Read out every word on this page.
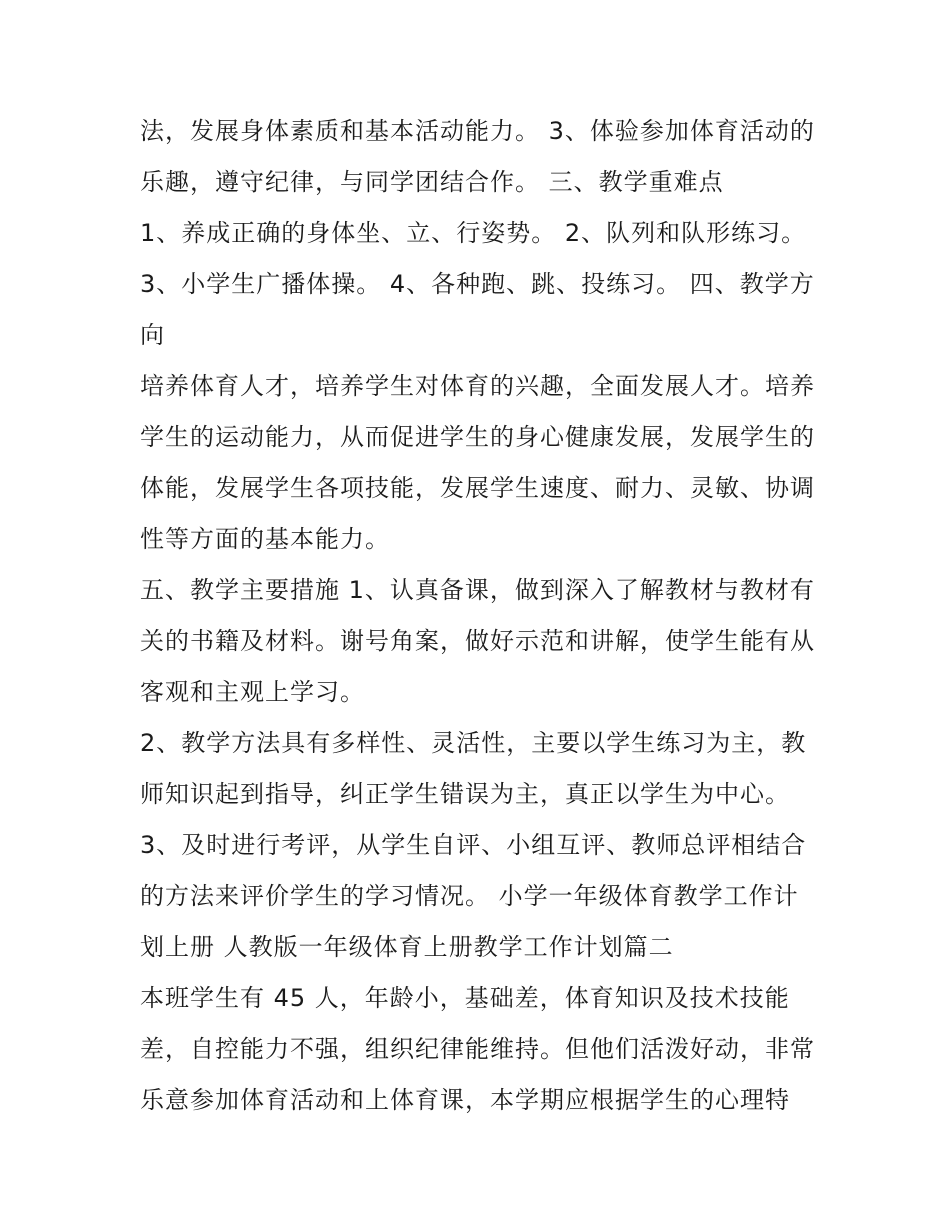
法，发展身体素质和基本活动能力。 3、体验参加体育活动的
乐趣，遵守纪律，与同学团结合作。 三、教学重难点
1、养成正确的身体坐、立、行姿势。 2、队列和队形练习。
3、小学生广播体操。 4、各种跑、跳、投练习。 四、教学方
向
培养体育人才，培养学生对体育的兴趣，全面发展人才。培养
学生的运动能力，从而促进学生的身心健康发展，发展学生的
体能，发展学生各项技能，发展学生速度、耐力、灵敏、协调
性等方面的基本能力。
五、教学主要措施 1、认真备课，做到深入了解教材与教材有
关的书籍及材料。谢号角案，做好示范和讲解，使学生能有从
客观和主观上学习。
2、教学方法具有多样性、灵活性，主要以学生练习为主，教
师知识起到指导，纠正学生错误为主，真正以学生为中心。
3、及时进行考评，从学生自评、小组互评、教师总评相结合
的方法来评价学生的学习情况。 小学一年级体育教学工作计
划上册 人教版一年级体育上册教学工作计划篇二
本班学生有 45 人，年龄小，基础差，体育知识及技术技能
差，自控能力不强，组织纪律能维持。但他们活泼好动，非常
乐意参加体育活动和上体育课，本学期应根据学生的心理特
